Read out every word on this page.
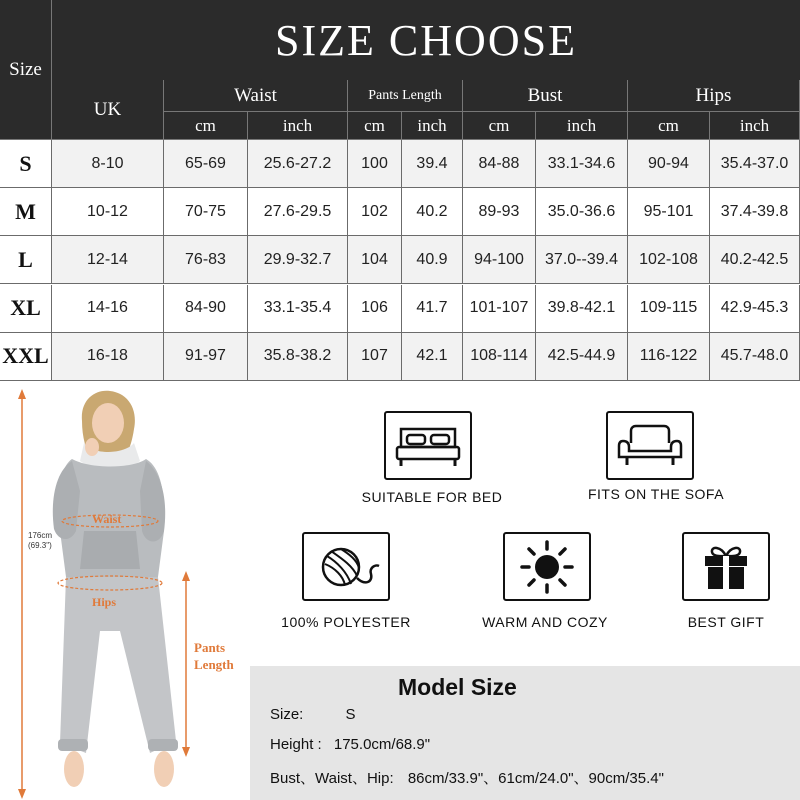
Size
SIZE CHOOSE
UK
Waist
cm	inch
Pants Length
cm inch
Bust
cm	inch
Hips
cm	inch
S	8-10	65-69	25.6-27.2	100	39.4	84-88	33.1-34.6	90-94	35.4-37.0
M	10-12	70-75	27.6-29.5	102	40.2	89-93	35.0-36.6	95-101	37.4-39.8
L	12-14	76-83	29.9-32.7	104	40.9	94-100	37.0--39.4	102-108	40.2-42.5
XL	14-16	84-90	33.1-35.4	106	41.7	101-107	39.8-42.1	109-115	42.9-45.3
XXL	16-18	91-97	35.8-38.2	107	42.1	108-114	42.5-44.9	116-122	45.7-48.0
176cm
(69.3")
Waist
Hips
Pants
Length
SUITABLE FOR BED	FITS ON THE SOFA
100% POLYESTER	WARM AND COZY	BEST GIFT
Model Size
Size:	S
Height : 175.0cm/68.9"
Bust、Waist、Hip: 86cm/33.9"、61cm/24.0"、90cm/35.4"
